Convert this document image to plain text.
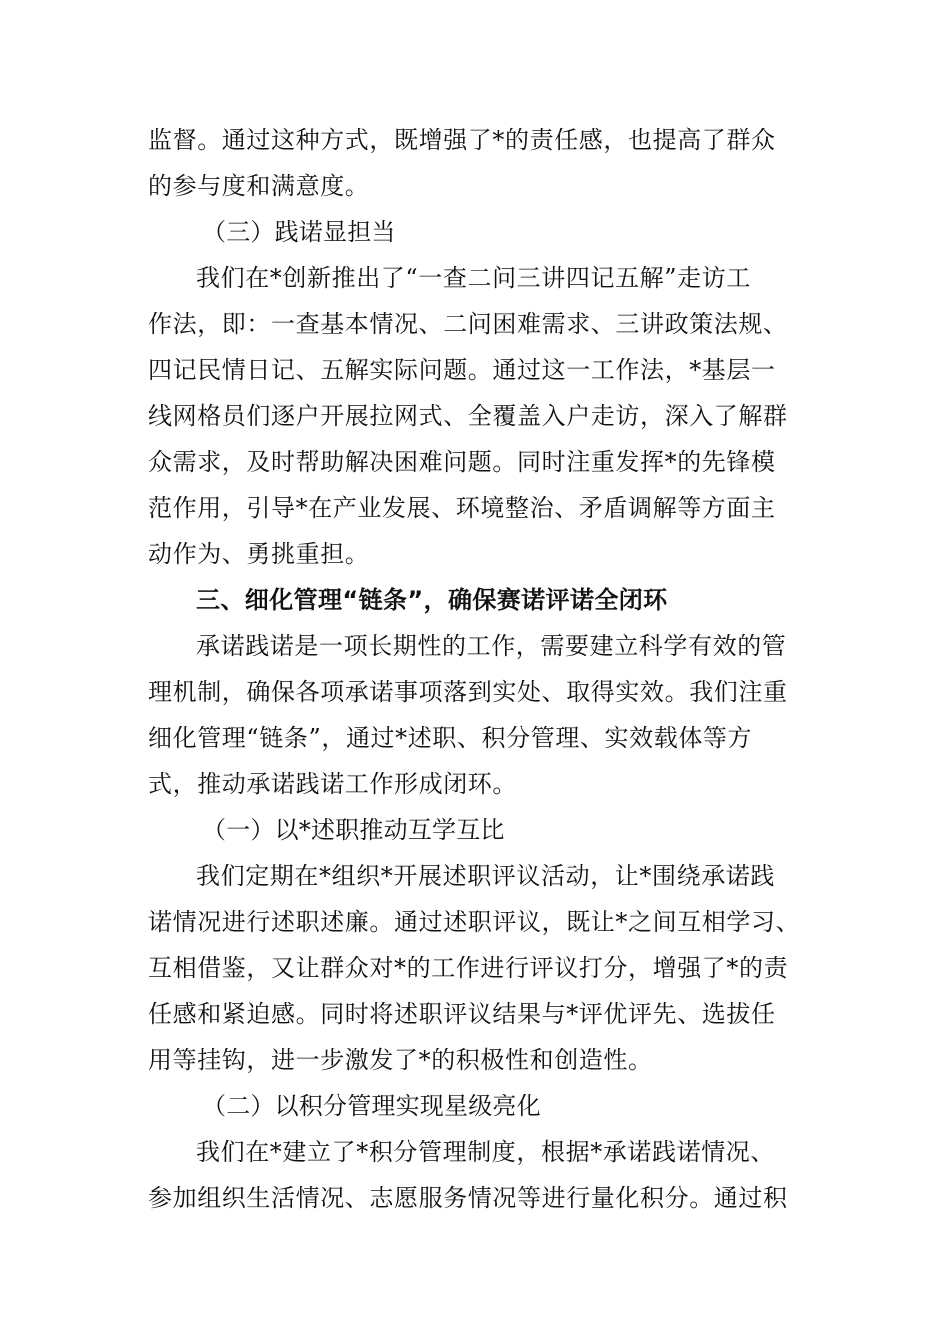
监督。通过这种方式，既增强了*的责任感，也提高了群众
的参与度和满意度。
（三）践诺显担当
我们在*创新推出了“一查二问三讲四记五解”走访工
作法，即：一查基本情况、二问困难需求、三讲政策法规、
四记民情日记、五解实际问题。通过这一工作法，*基层一
线网格员们逐户开展拉网式、全覆盖入户走访，深入了解群
众需求，及时帮助解决困难问题。同时注重发挥*的先锋模
范作用，引导*在产业发展、环境整治、矛盾调解等方面主
动作为、勇挑重担。
三、细化管理“链条”，确保赛诺评诺全闭环
承诺践诺是一项长期性的工作，需要建立科学有效的管
理机制，确保各项承诺事项落到实处、取得实效。我们注重
细化管理“链条”，通过*述职、积分管理、实效载体等方
式，推动承诺践诺工作形成闭环。
（一）以*述职推动互学互比
我们定期在*组织*开展述职评议活动，让*围绕承诺践
诺情况进行述职述廉。通过述职评议，既让*之间互相学习、
互相借鉴，又让群众对*的工作进行评议打分，增强了*的责
任感和紧迫感。同时将述职评议结果与*评优评先、选拔任
用等挂钩，进一步激发了*的积极性和创造性。
（二）以积分管理实现星级亮化
我们在*建立了*积分管理制度，根据*承诺践诺情况、
参加组织生活情况、志愿服务情况等进行量化积分。通过积
